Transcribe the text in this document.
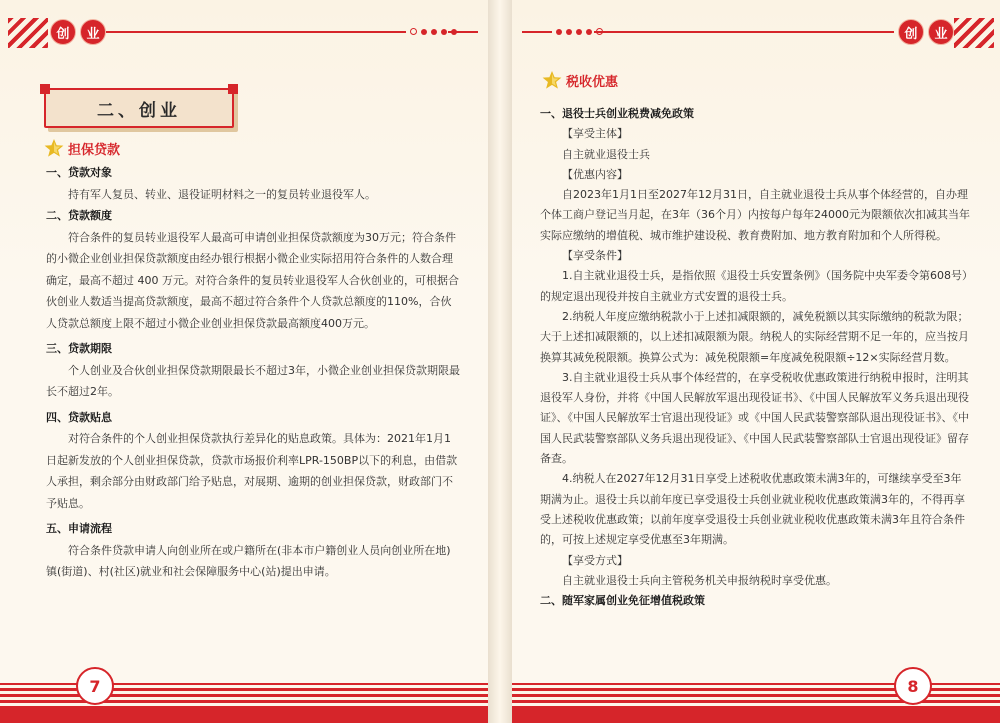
创	业
二、创业
担保贷款

一、贷款对象

持有军人复员、转业、退役证明材料之一的复员转业退役军人。

二、贷款额度

符合条件的复员转业退役军人最高可申请创业担保贷款额度为30万元；符合条件的小微企业创业担保贷款额度由经办银行根据小微企业实际招用符合条件的人数合理确定，最高不超过 400 万元。对符合条件的复员转业退役军人合伙创业的，可根据合伙创业人数适当提高贷款额度，最高不超过符合条件个人贷款总额度的110%，合伙人贷款总额度上限不超过小微企业创业担保贷款最高额度400万元。

三、贷款期限

个人创业及合伙创业担保贷款期限最长不超过3年，小微企业创业担保贷款期限最长不超过2年。

四、贷款贴息

对符合条件的个人创业担保贷款执行差异化的贴息政策。具体为：2021年1月1日起新发放的个人创业担保贷款，贷款市场报价利率LPR-150BP以下的利息，由借款人承担，剩余部分由财政部门给予贴息，对展期、逾期的创业担保贷款，财政部门不予贴息。

五、申请流程

符合条件贷款申请人向创业所在或户籍所在(非本市户籍创业人员向创业所在地)镇(街道)、村(社区)就业和社会保障服务中心(站)提出申请。

7
创	业
税收优惠

一、退役士兵创业税费减免政策

【享受主体】

自主就业退役士兵

【优惠内容】

自2023年1月1日至2027年12月31日，自主就业退役士兵从事个体经营的，自办理个体工商户登记当月起，在3年（36个月）内按每户每年24000元为限额依次扣减其当年实际应缴纳的增值税、城市维护建设税、教育费附加、地方教育附加和个人所得税。

【享受条件】

1.自主就业退役士兵，是指依照《退役士兵安置条例》（国务院中央军委令第608号）的规定退出现役并按自主就业方式安置的退役士兵。

2.纳税人年度应缴纳税款小于上述扣减限额的，减免税额以其实际缴纳的税款为限；大于上述扣减限额的，以上述扣减限额为限。纳税人的实际经营期不足一年的，应当按月换算其减免税限额。换算公式为：减免税限额=年度减免税限额÷12×实际经营月数。

3.自主就业退役士兵从事个体经营的，在享受税收优惠政策进行纳税申报时，注明其退役军人身份，并将《中国人民解放军退出现役证书》、《中国人民解放军义务兵退出现役证》、《中国人民解放军士官退出现役证》或《中国人民武装警察部队退出现役证书》、《中国人民武装警察部队义务兵退出现役证》、《中国人民武装警察部队士官退出现役证》留存备查。

4.纳税人在2027年12月31日享受上述税收优惠政策未满3年的，可继续享受至3年期满为止。退役士兵以前年度已享受退役士兵创业就业税收优惠政策满3年的，不得再享受上述税收优惠政策；以前年度享受退役士兵创业就业税收优惠政策未满3年且符合条件的，可按上述规定享受优惠至3年期满。

【享受方式】

自主就业退役士兵向主管税务机关申报纳税时享受优惠。

二、随军家属创业免征增值税政策

8
